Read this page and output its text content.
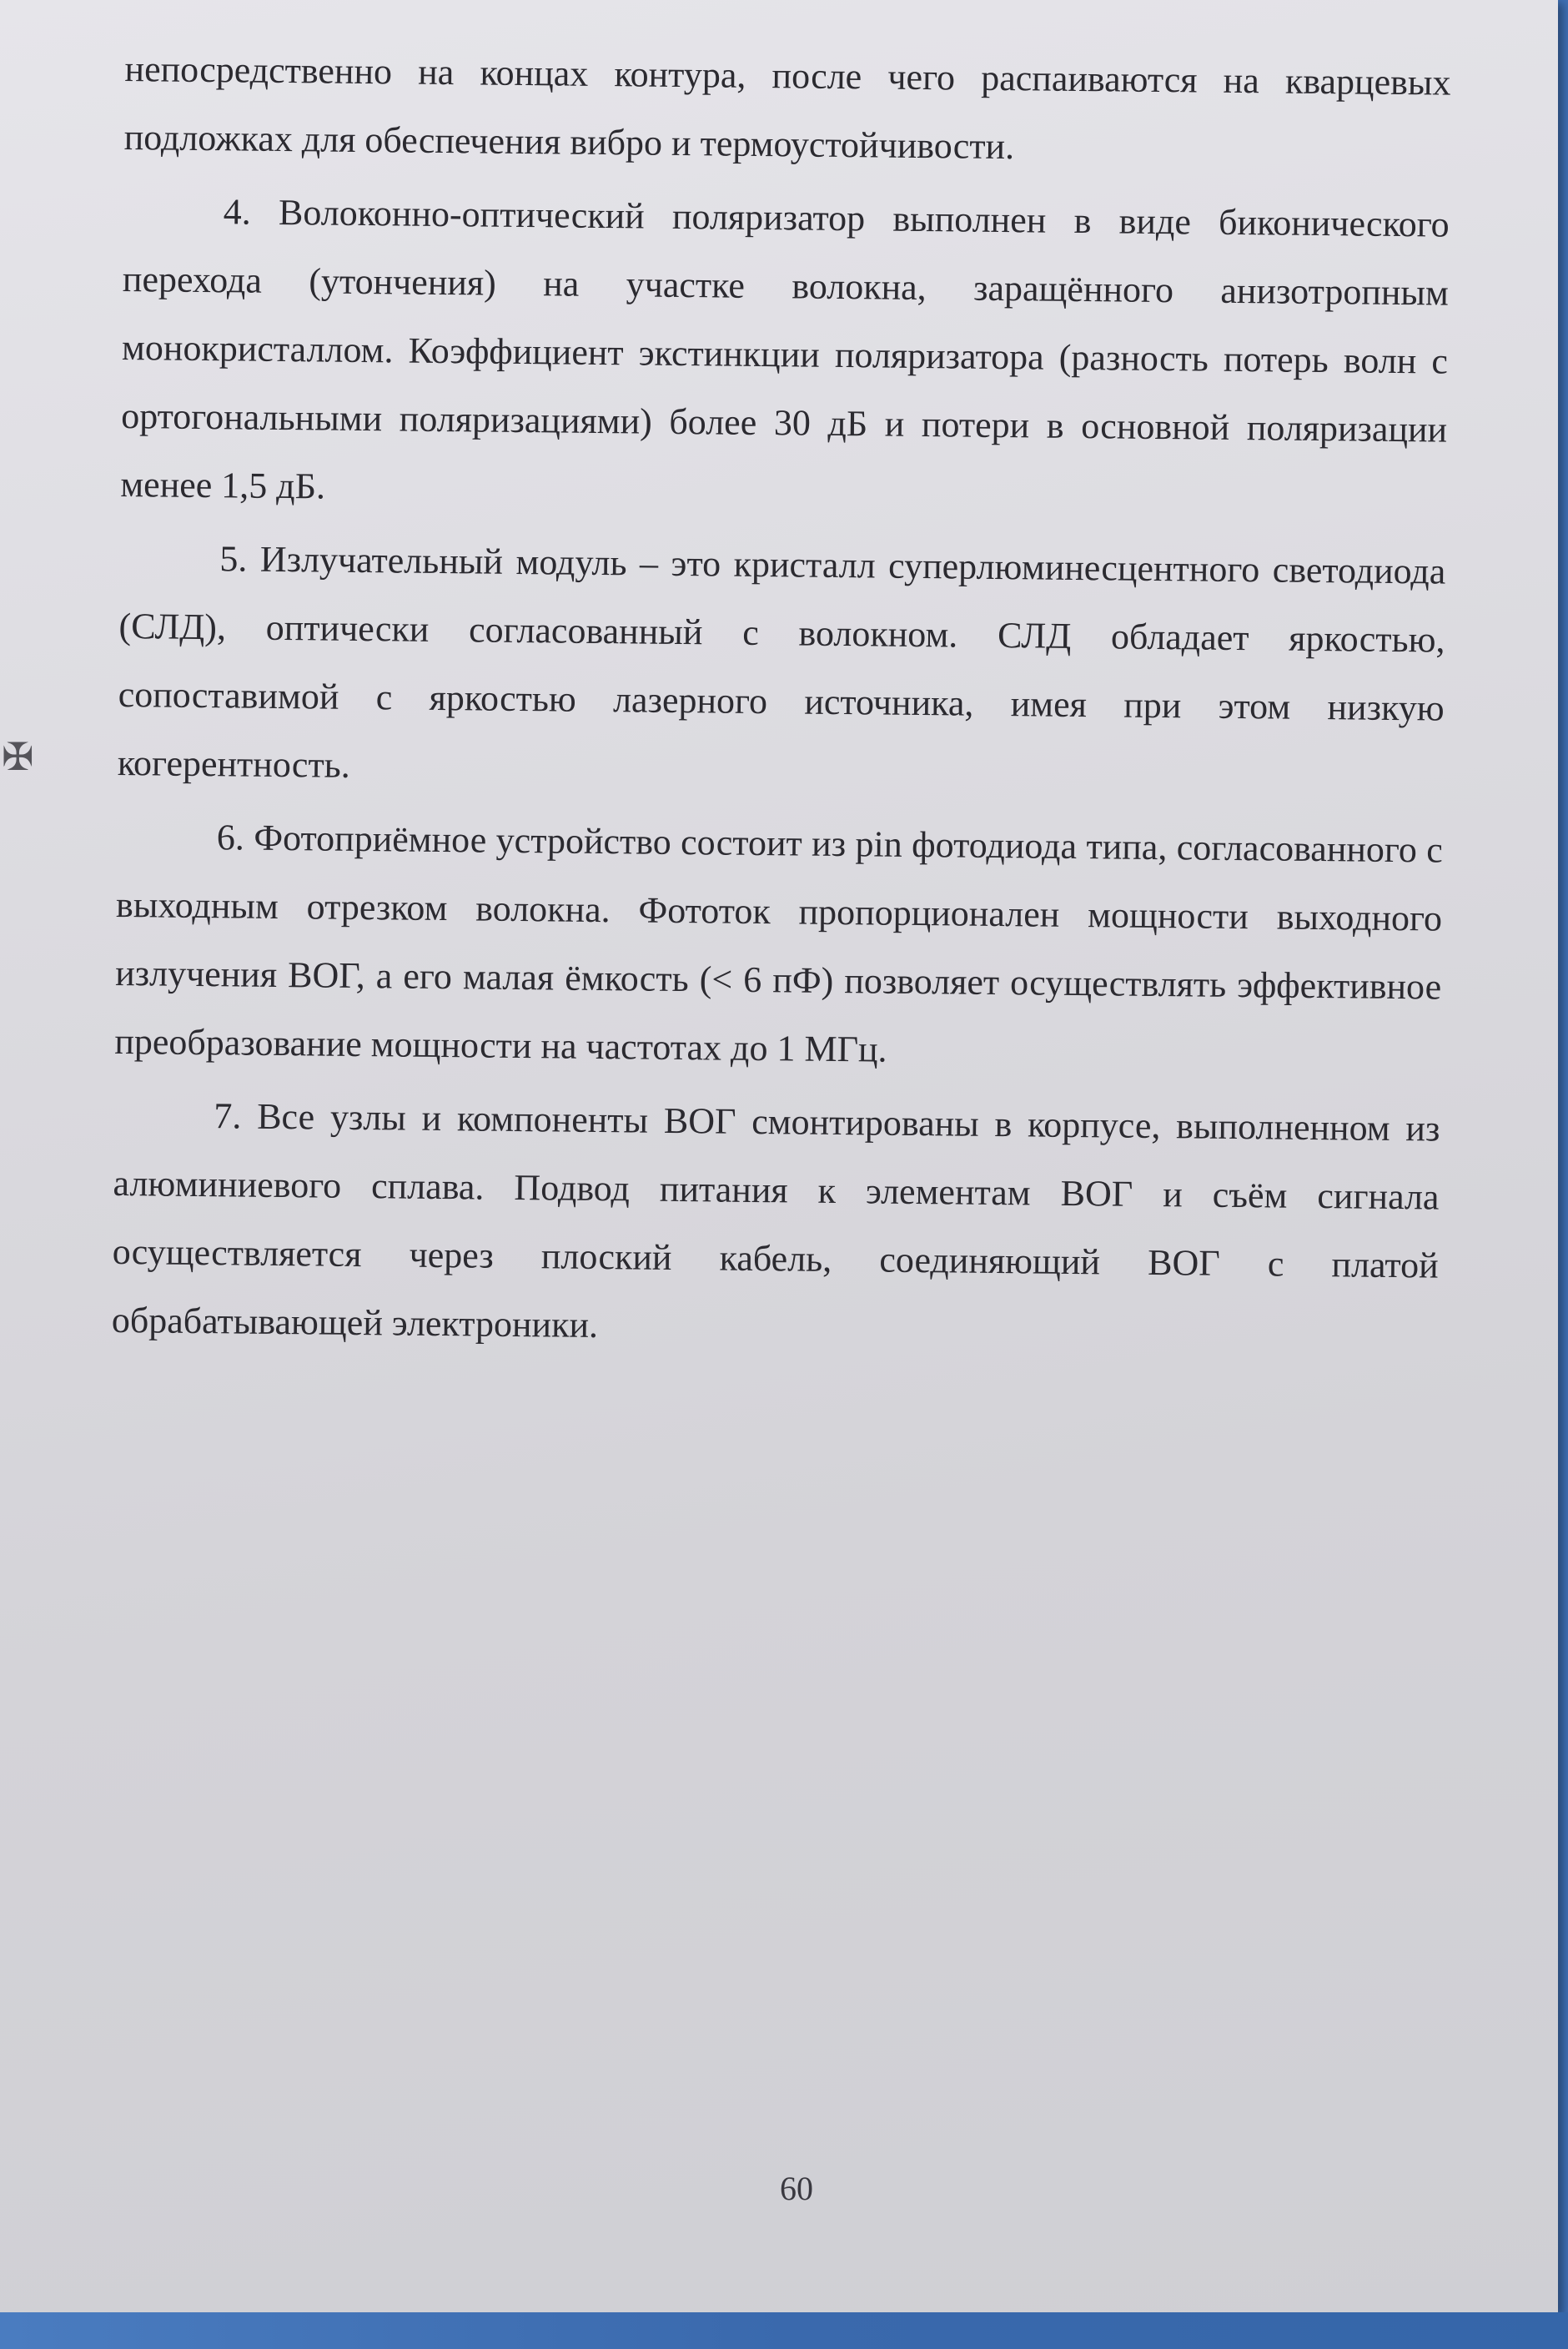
✠

непосредственно на концах контура, после чего распаиваются на кварцевых подложках для обеспечения вибро и термоустойчивости.

4. Волоконно-оптический поляризатор выполнен в виде биконического перехода (утончения) на участке волокна, заращённого анизотропным монокристаллом. Коэффициент экстинкции поляризатора (разность потерь волн с ортогональными поляризациями) более 30 дБ и потери в основной поляризации менее 1,5 дБ.

5. Излучательный модуль – это кристалл суперлюминесцентного светодиода (СЛД), оптически согласованный с волокном. СЛД обладает яркостью, сопоставимой с яркостью лазерного источника, имея при этом низкую когерентность.

6. Фотоприёмное устройство состоит из pin фотодиода типа, согласованного с выходным отрезком волокна. Фототок пропорционален мощности выходного излучения ВОГ, а его малая ёмкость (< 6 пФ) позволяет осуществлять эффективное преобразование мощности на частотах до 1 МГц.

7. Все узлы и компоненты ВОГ смонтированы в корпусе, выполненном из алюминиевого сплава. Подвод питания к элементам ВОГ и съём сигнала осуществляется через плоский кабель, соединяющий ВОГ с платой обрабатывающей электроники.

60
